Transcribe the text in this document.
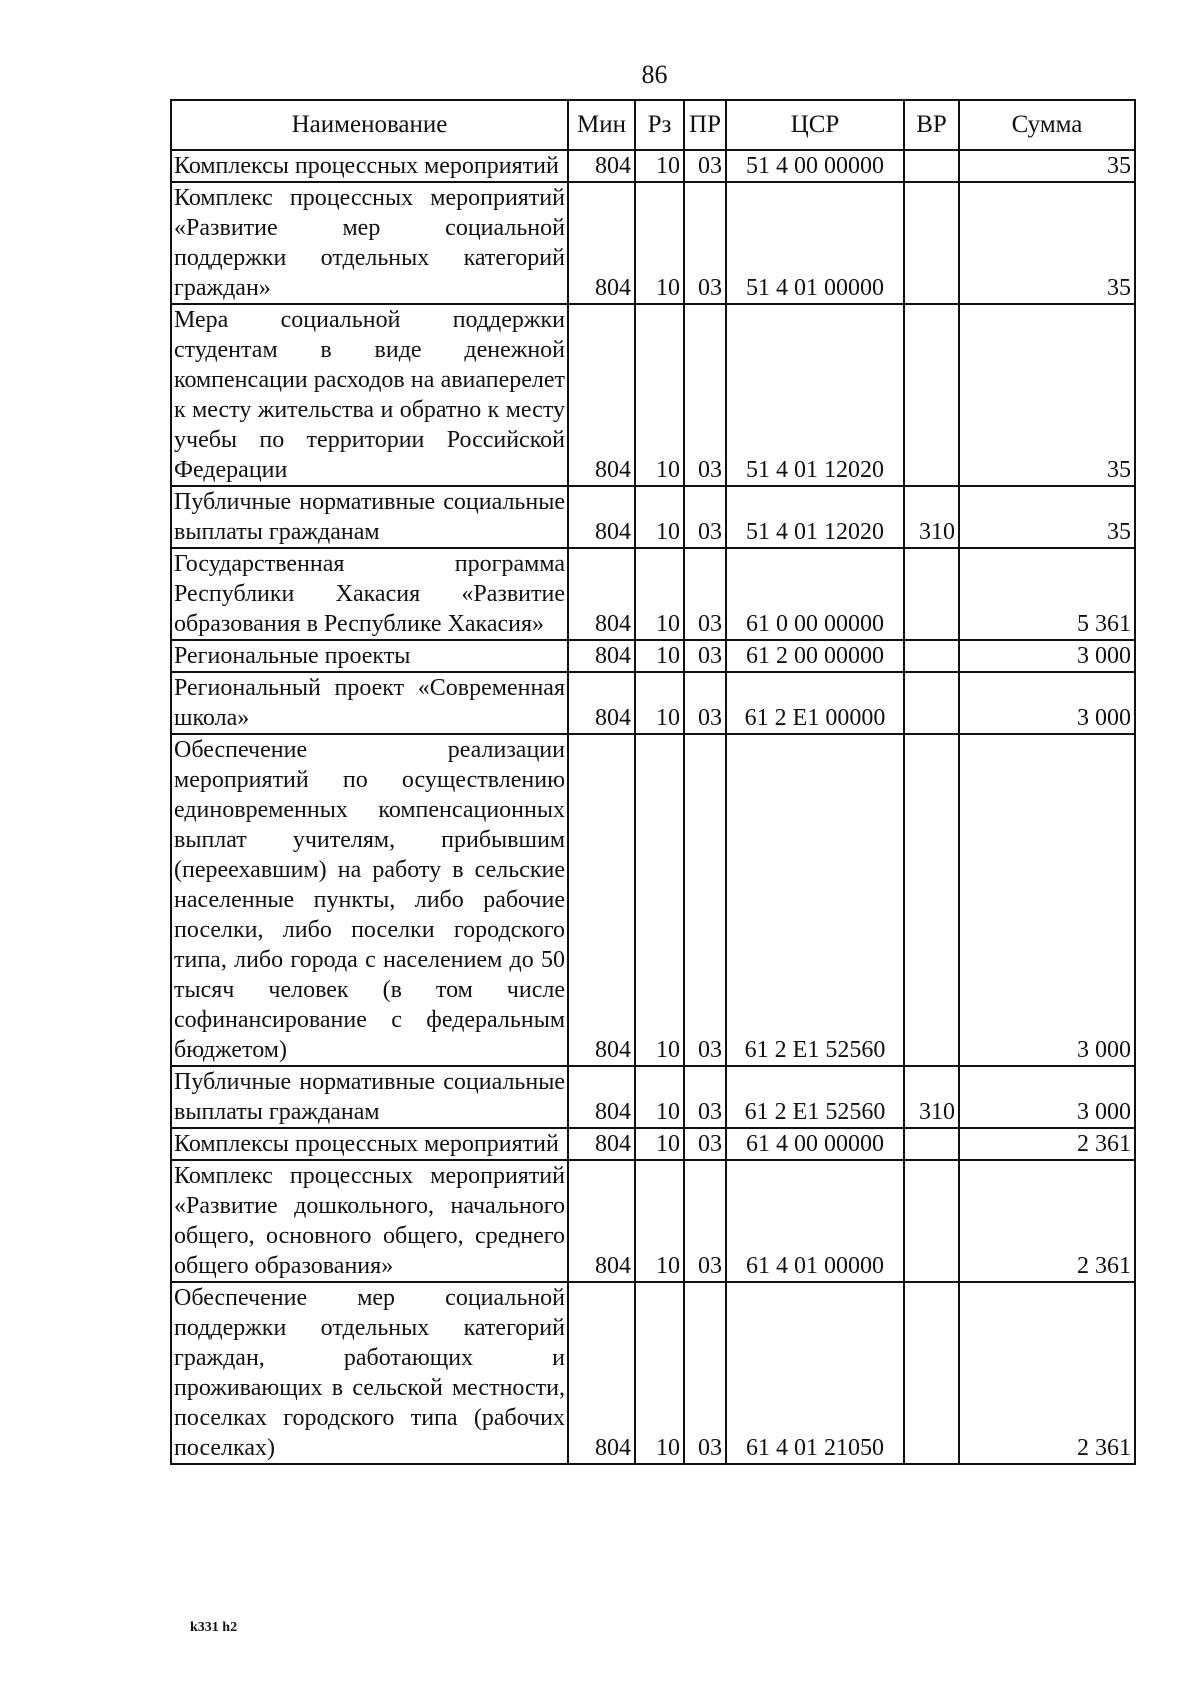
86
Наименование	Мин	Рз	ПР	ЦСР	ВР	Сумма
Комплексы процессных мероприятий	804	10	03	51 4 00 00000		35
Комплекс процессных мероприятий «Развитие мер социальной поддержки отдельных категорий граждан»	804	10	03	51 4 01 00000		35
Мера социальной поддержки студентам в виде денежной компенсации расходов на авиаперелет к месту жительства и обратно к месту учебы по территории Российской Федерации	804	10	03	51 4 01 12020		35
Публичные нормативные социальные выплаты гражданам	804	10	03	51 4 01 12020	310	35
Государственная программа Республики Хакасия «Развитие образования в Республике Хакасия»	804	10	03	61 0 00 00000		5 361
Региональные проекты	804	10	03	61 2 00 00000		3 000
Региональный проект «Современная школа»	804	10	03	61 2 E1 00000		3 000
Обеспечение реализации мероприятий по осуществлению единовременных компенсационных выплат учителям, прибывшим (переехавшим) на работу в сельские населенные пункты, либо рабочие поселки, либо поселки городского типа, либо города с населением до 50 тысяч человек (в том числе софинансирование с федеральным бюджетом)	804	10	03	61 2 E1 52560		3 000
Публичные нормативные социальные выплаты гражданам	804	10	03	61 2 E1 52560	310	3 000
Комплексы процессных мероприятий	804	10	03	61 4 00 00000		2 361
Комплекс процессных мероприятий «Развитие дошкольного, начального общего, основного общего, среднего общего образования»	804	10	03	61 4 01 00000		2 361
Обеспечение мер социальной поддержки отдельных категорий граждан, работающих и проживающих в сельской местности, поселках городского типа (рабочих поселках)	804	10	03	61 4 01 21050		2 361
k331 h2
